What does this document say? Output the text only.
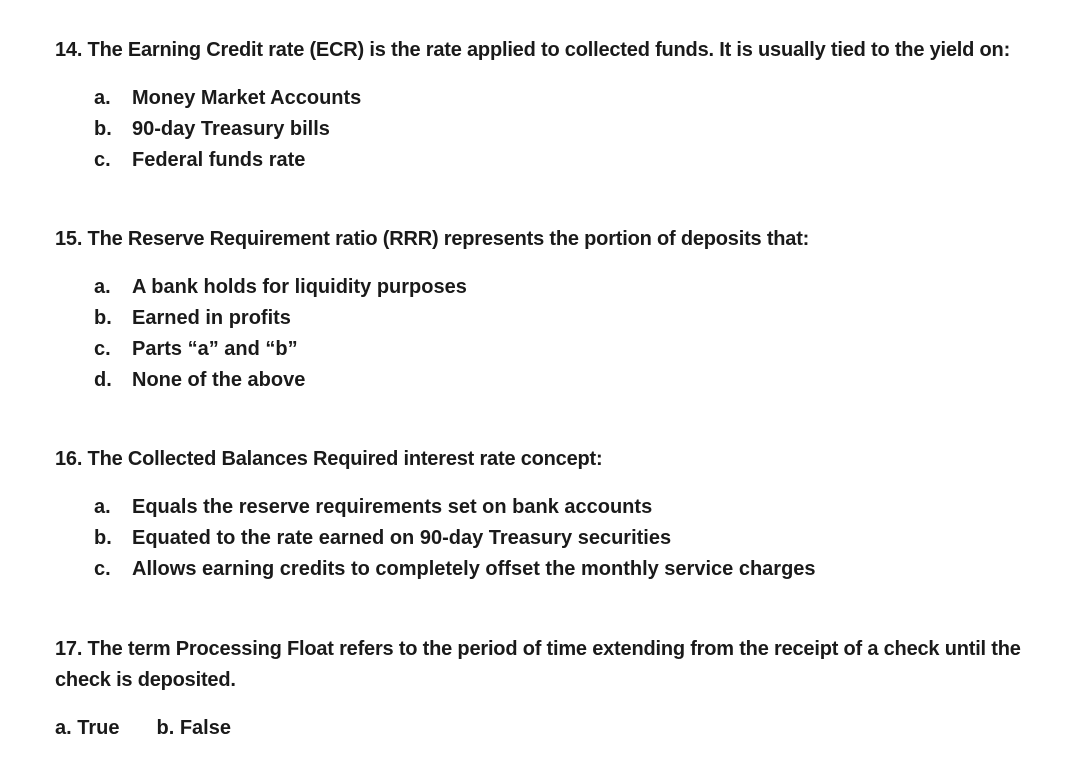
14. The Earning Credit rate (ECR) is the rate applied to collected funds. It is usually tied to the yield on:

a.	Money Market Accounts
b.	90-day Treasury bills
c.	Federal funds rate

15. The Reserve Requirement ratio (RRR) represents the portion of deposits that:

a.	A bank holds for liquidity purposes
b.	Earned in profits
c.	Parts “a” and “b”
d.	None of the above

16. The Collected Balances Required interest rate concept:

a.	Equals the reserve requirements set on bank accounts
b.	Equated to the rate earned on 90-day Treasury securities
c.	Allows earning credits to completely offset the monthly service charges

17. The term Processing Float refers to the period of time extending from the receipt of a check until the check is deposited.

a. True b. False
